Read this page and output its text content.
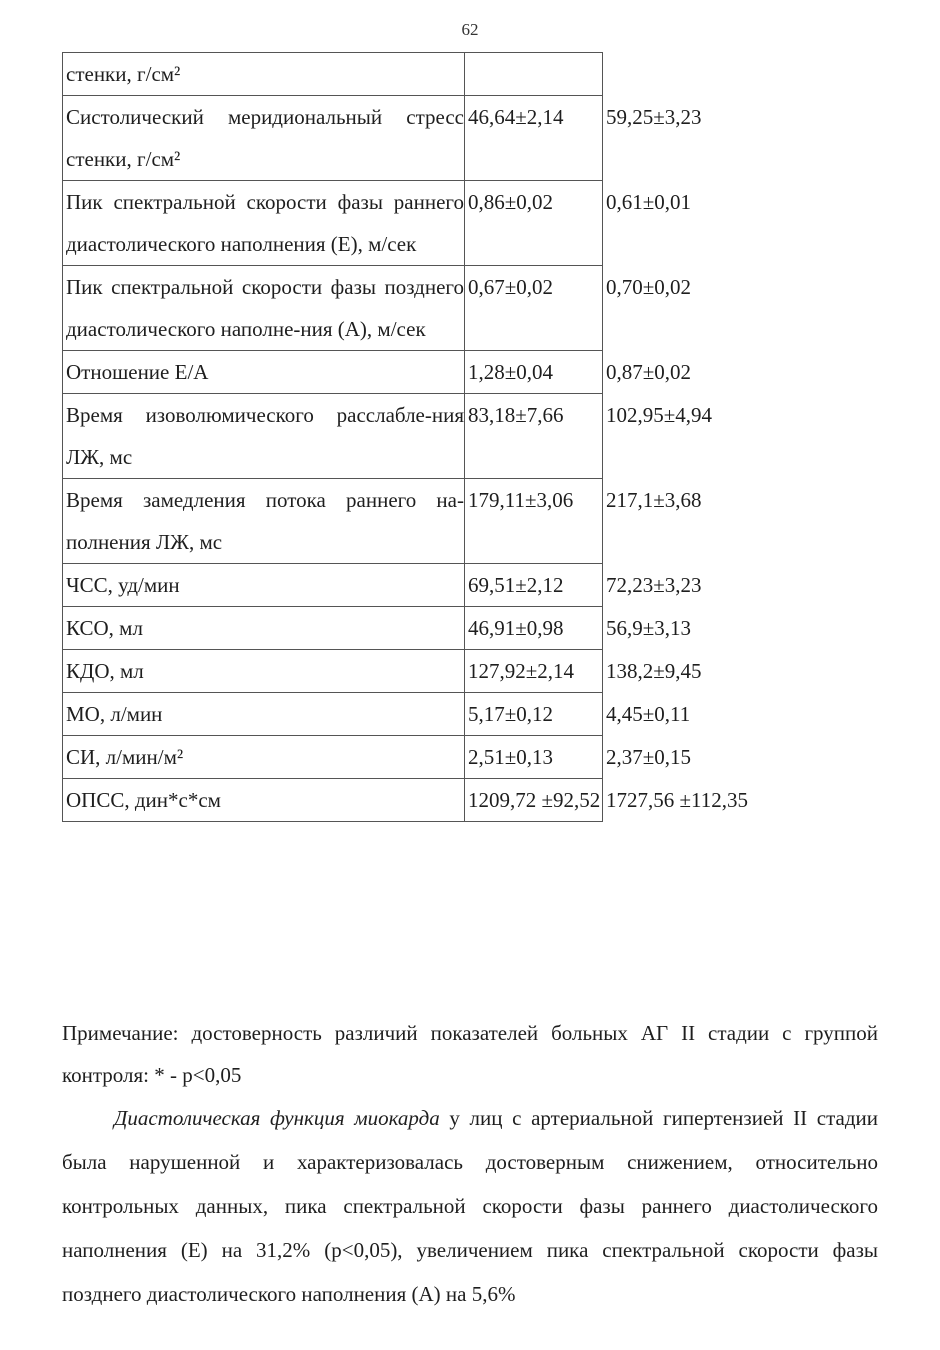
62
стенки, г/см²		
Систолический меридиональный стресс стенки, г/см²	46,64±2,14	59,25±3,23
Пик спектральной скорости фазы раннего диастолического наполнения (Е), м/сек	0,86±0,02	0,61±0,01
Пик спектральной скорости фазы позднего диастолического наполне-ния (А), м/сек	0,67±0,02	0,70±0,02
Отношение Е/А	1,28±0,04	0,87±0,02
Время изоволюмического расслабле-ния ЛЖ, мс	83,18±7,66	102,95±4,94
Время замедления потока раннего на-полнения ЛЖ, мс	179,11±3,06	217,1±3,68
ЧСС, уд/мин	69,51±2,12	72,23±3,23
КСО, мл	46,91±0,98	56,9±3,13
КДО, мл	127,92±2,14	138,2±9,45
МО, л/мин	5,17±0,12	4,45±0,11
СИ, л/мин/м²	2,51±0,13	2,37±0,15
ОПСС, дин*с*см	1209,72 ±92,52	1727,56 ±112,35
Примечание: достоверность различий показателей больных АГ II стадии с группой контроля: * - р<0,05
Диастолическая функция миокарда у лиц с артериальной гипертензией II стадии была нарушенной и характеризовалась достоверным снижением, относительно контрольных данных, пика спектральной скорости фазы раннего диастолического наполнения (Е) на 31,2% (р<0,05), увеличением пика спектральной скорости фазы позднего диастолического наполнения (А) на 5,6%
